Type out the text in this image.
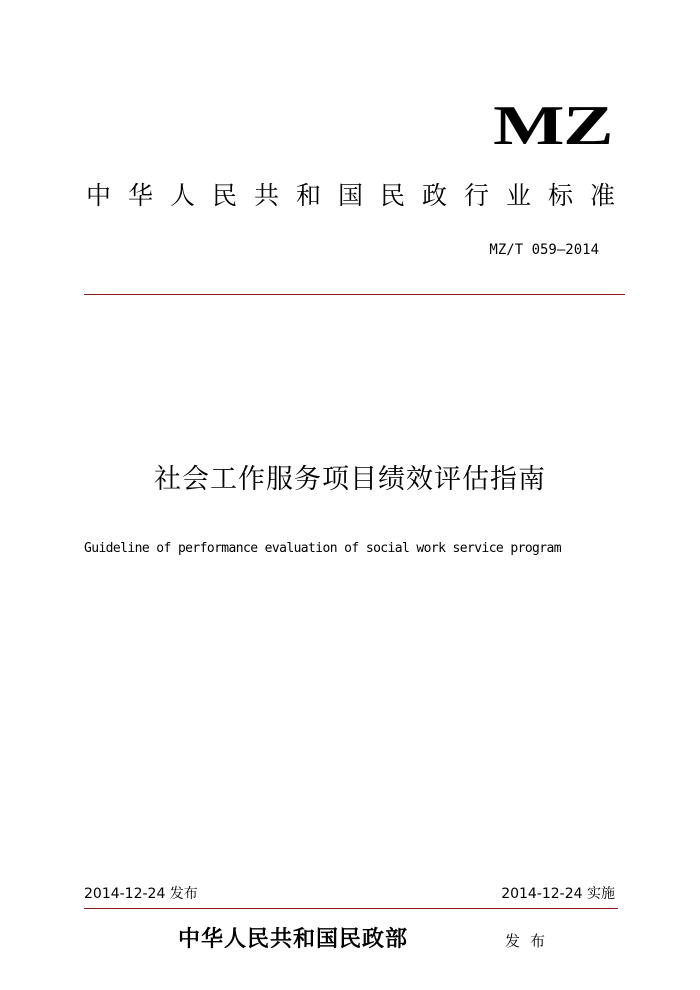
MZ
中华人民共和国民政行业标准
MZ/T 059—2014
社会工作服务项目绩效评估指南
Guideline of performance evaluation of social work service program
2014-12-24 发布	2014-12-24 实施
中华人民共和国民政部	发布
